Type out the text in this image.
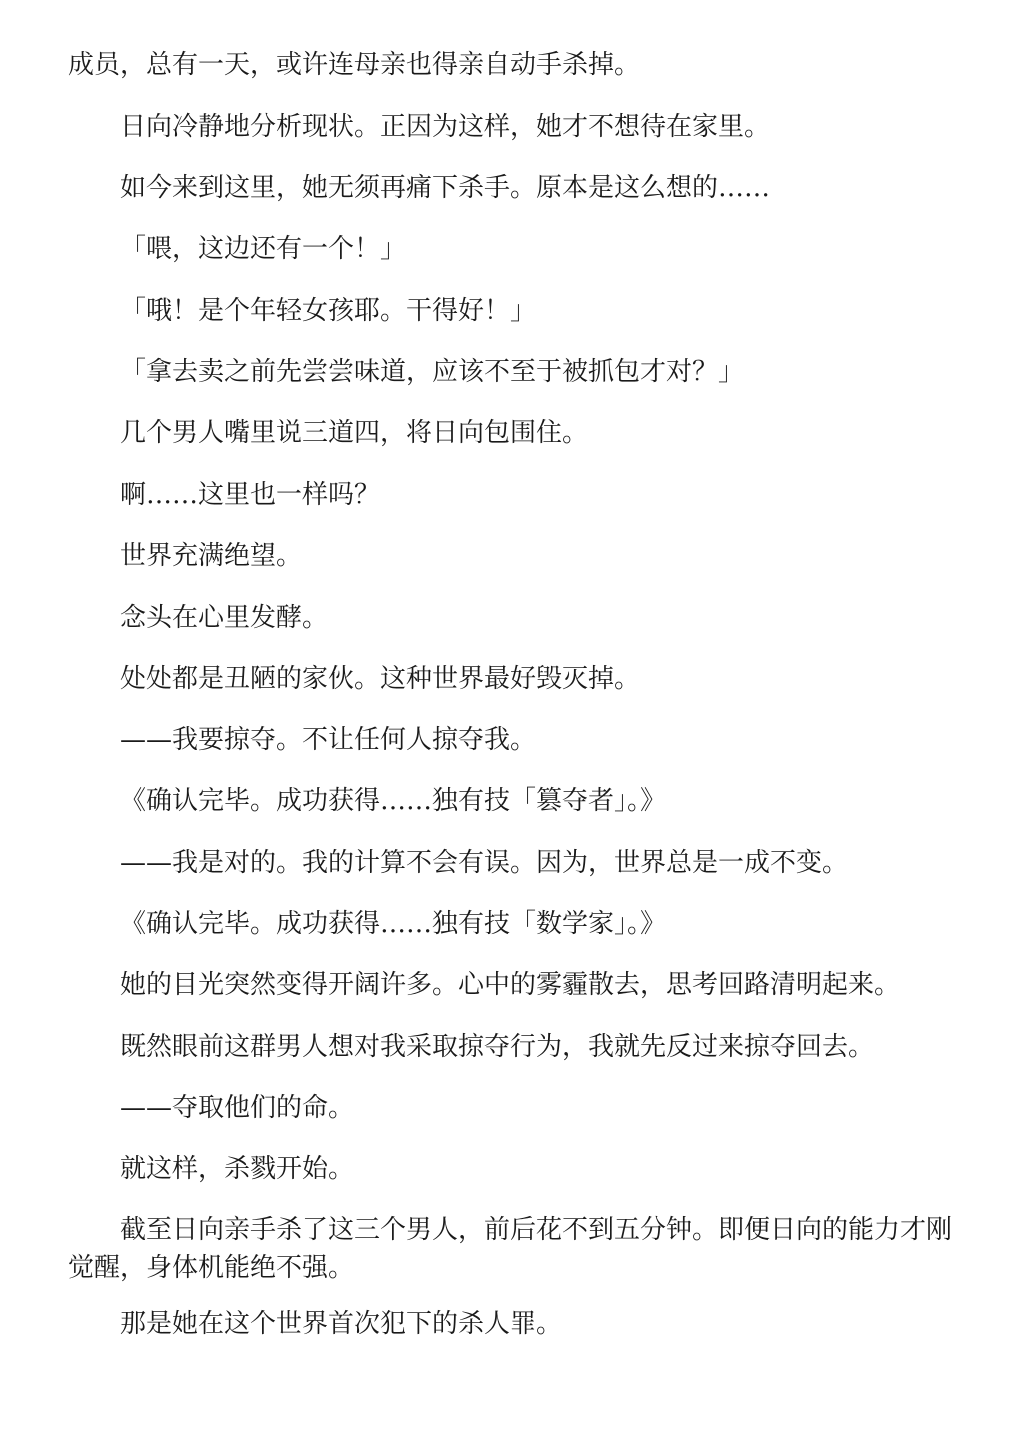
成员，总有一天，或许连母亲也得亲自动手杀掉。

日向冷静地分析现状。正因为这样，她才不想待在家里。

如今来到这里，她无须再痛下杀手。原本是这么想的……

「喂，这边还有一个！」

「哦！是个年轻女孩耶。干得好！」

「拿去卖之前先尝尝味道，应该不至于被抓包才对？」

几个男人嘴里说三道四，将日向包围住。

啊……这里也一样吗？

世界充满绝望。

念头在心里发酵。

处处都是丑陋的家伙。这种世界最好毁灭掉。

——我要掠夺。不让任何人掠夺我。

《确认完毕。成功获得……独有技「篡夺者」。》

——我是对的。我的计算不会有误。因为，世界总是一成不变。

《确认完毕。成功获得……独有技「数学家」。》

她的目光突然变得开阔许多。心中的雾霾散去，思考回路清明起来。

既然眼前这群男人想对我采取掠夺行为，我就先反过来掠夺回去。

——夺取他们的命。

就这样，杀戮开始。

截至日向亲手杀了这三个男人，前后花不到五分钟。即便日向的能力才刚觉醒，身体机能绝不强。

那是她在这个世界首次犯下的杀人罪。
